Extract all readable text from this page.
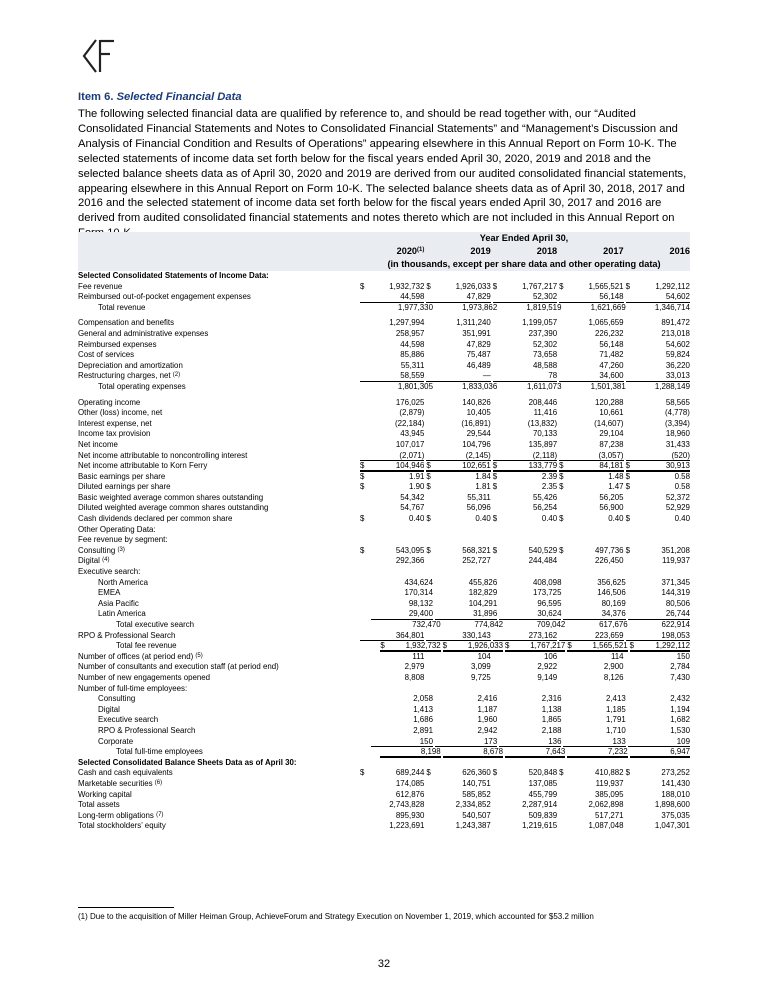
Item 6. Selected Financial Data
The following selected financial data are qualified by reference to, and should be read together with, our “Audited Consolidated Financial Statements and Notes to Consolidated Financial Statements” and “Management’s Discussion and Analysis of Financial Condition and Results of Operations” appearing elsewhere in this Annual Report on Form 10-K. The selected statements of income data set forth below for the fiscal years ended April 30, 2020, 2019 and 2018 and the selected balance sheets data as of April 30, 2020 and 2019 are derived from our audited consolidated financial statements, appearing elsewhere in this Annual Report on Form 10-K. The selected balance sheets data as of April 30, 2018, 2017 and 2016 and the selected statement of income data set forth below for the fiscal years ended April 30, 2017 and 2016 are derived from audited consolidated financial statements and notes thereto which are not included in this Annual Report on
Year Ended April 30,
2020$^{(1)}$	2019	2018	2017	2016
(in thousands, except per share data and other operating data)
Selected Consolidated Statements of Income Data:
Fee revenue	$	1,932,732 $	1,926,033 $	1,767,217 $	1,565,521 $	1,292,112
Reimbursed out-of-pocket engagement expenses	44,598	47,829	52,302	56,148	54,602
Total revenue	1,977,330	1,973,862	1,819,519	1,621,669	1,346,714
Compensation and benefits	1,297,994	1,311,240	1,199,057	1,065,659	891,472
General and administrative expenses	258,957	351,991	237,390	226,232	213,018
Reimbursed expenses	44,598	47,829	52,302	56,148	54,602
Cost of services	85,886	75,487	73,658	71,482	59,824
Depreciation and amortization	55,311	46,489	48,588	47,260	36,220
Restructuring charges, net $^{(2)}$	58,559	—	78	34,600	33,013
Total operating expenses	1,801,305	1,833,036	1,611,073	1,501,381	1,288,149
Operating income	176,025	140,826	208,446	120,288	58,565
Other (loss) income, net	(2,879)	10,405	11,416	10,661	(4,778)
Interest expense, net	(22,184)	(16,891)	(13,832)	(14,607)	(3,394)
Income tax provision	43,945	29,544	70,133	29,104	18,960
Net income	107,017	104,796	135,897	87,238	31,433
Net income attributable to noncontrolling interest	(2,071)	(2,145)	(2,118)	(3,057)	(520)
Net income attributable to Korn Ferry	$	104,946 $	102,651 $	133,779 $	84,181 $	30,913
Basic earnings per share	$	1.91 $	1.84 $	2.39 $	1.48 $	0.58
Diluted earnings per share	$	1.90 $	1.81 $	2.35 $	1.47 $	0.58
Basic weighted average common shares outstanding	54,342	55,311	55,426	56,205	52,372
Diluted weighted average common shares outstanding	54,767	56,096	56,254	56,900	52,929
Cash dividends declared per common share	$	0.40 $	0.40 $	0.40 $	0.40 $	0.40
Other Operating Data:
Fee revenue by segment:
Consulting $^{(3)}$	$	543,095 $	568,321 $	540,529 $	497,736 $	351,208
Digital $^{(4)}$	292,366	252,727	244,484	226,450	119,937
Executive search:
North America	434,624	455,826	408,098	356,625	371,345
EMEA	170,314	182,829	173,725	146,506	144,319
Asia Pacific	98,132	104,291	96,595	80,169	80,506
Latin America	29,400	31,896	30,624	34,376	26,744
Total executive search	732,470	774,842	709,042	617,676	622,914
RPO & Professional Search	364,801	330,143	273,162	223,659	198,053
Total fee revenue	$	1,932,732 $	1,926,033 $	1,767,217 $	1,565,521 $	1,292,112
Number of offices (at period end) $^{(5)}$	111	104	106	114	150
Number of consultants and execution staff (at period end)	2,979	3,099	2,922	2,900	2,784
Number of new engagements opened	8,808	9,725	9,149	8,126	7,430
Number of full-time employees:
Consulting	2,058	2,416	2,316	2,413	2,432
Digital	1,413	1,187	1,138	1,185	1,194
Executive search	1,686	1,960	1,865	1,791	1,682
RPO & Professional Search	2,891	2,942	2,188	1,710	1,530
Corporate	150	173	136	133	109
Total full-time employees	8,198	8,678	7,643	7,232	6,947
Selected Consolidated Balance Sheets Data as of April 30:
Cash and cash equivalents	$	689,244 $	626,360 $	520,848 $	410,882 $	273,252
Marketable securities $^{(6)}$	174,085	140,751	137,085	119,937	141,430
Working capital	612,876	585,852	455,799	385,095	188,010
Total assets	2,743,828	2,334,852	2,287,914	2,062,898	1,898,600
Long-term obligations $^{(7)}$	895,930	540,507	509,839	517,271	375,035
Total stockholders’ equity	1,223,691	1,243,387	1,219,615	1,087,048	1,047,301
(1) Due to the acquisition of Miller Heiman Group, AchieveForum and Strategy Execution on November 1, 2019, which accounted for $53.2 million
32
